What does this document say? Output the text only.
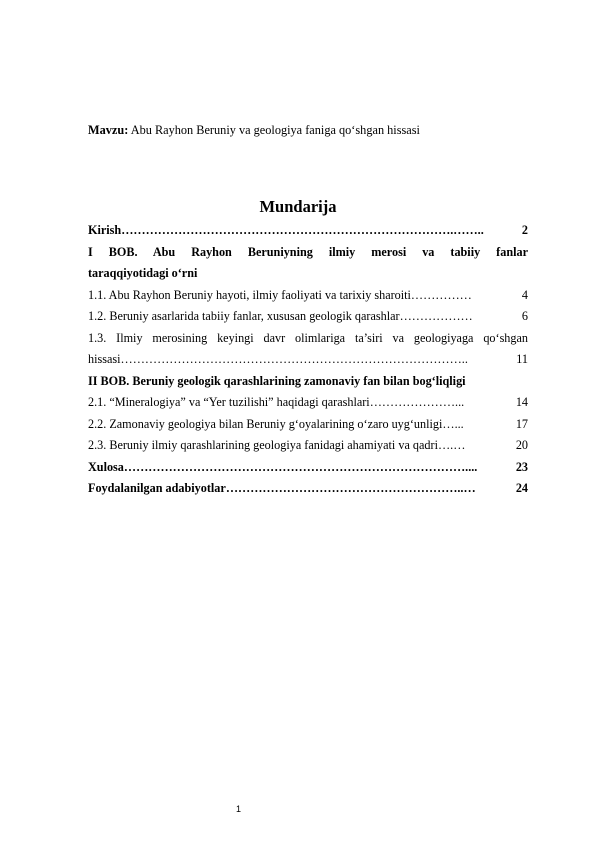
Mavzu: Abu Rayhon Beruniy va geologiya faniga qo‘shgan hissasi
Mundarija
Kirish ……………………………………………………………………….……..	2
I BOB. Abu Rayhon Beruniyning ilmiy merosi va tabiiy fanlar
taraqqiyotidagi o‘rni
1.1. Abu Rayhon Beruniy hayoti, ilmiy faoliyati va tarixiy sharoiti ……………	4
1.2. Beruniy asarlarida tabiiy fanlar, xususan geologik qarashlar ………………	6
1.3. Ilmiy merosining keyingi davr olimlariga ta’siri va geologiyaga qo‘shgan
hissasi …………………………………………………………………………..	11
II BOB. Beruniy geologik qarashlarining zamonaviy fan bilan bog‘liqligi
2.1. “Mineralogiya” va “Yer tuzilishi” haqidagi qarashlari …………………...	14
2.2. Zamonaviy geologiya bilan Beruniy g‘oyalarining o‘zaro uyg‘unligi …...	17
2.3. Beruniy ilmiy qarashlarining geologiya fanidagi ahamiyati va qadri ….…	20
Xulosa …………………………………………………………………………....	23
Foydalanilgan adabiyotlar …………………………………………………..…	24
1
